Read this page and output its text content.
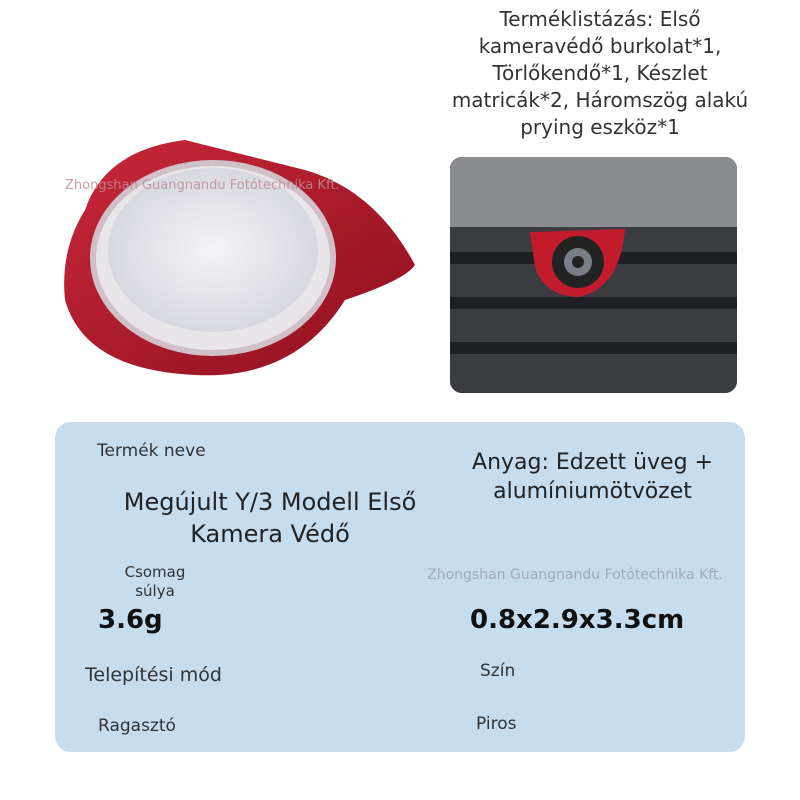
Terméklistázás: Első kameravédő burkolat*1, Törlőkendő*1, Készlet matricák*2, Háromszög alakú prying eszköz*1
Zhongshan Guangnandu Fotótechnika Kft.
Termék neve
Megújult Y/3 Modell Első Kamera Védő
Anyag: Edzett üveg + alumíniumötvözet
Csomag súlya
3.6g
Zhongshan Guangnandu Fotótechnika Kft.
0.8x2.9x3.3cm
Telepítési mód	Szín
Ragasztó	Piros
